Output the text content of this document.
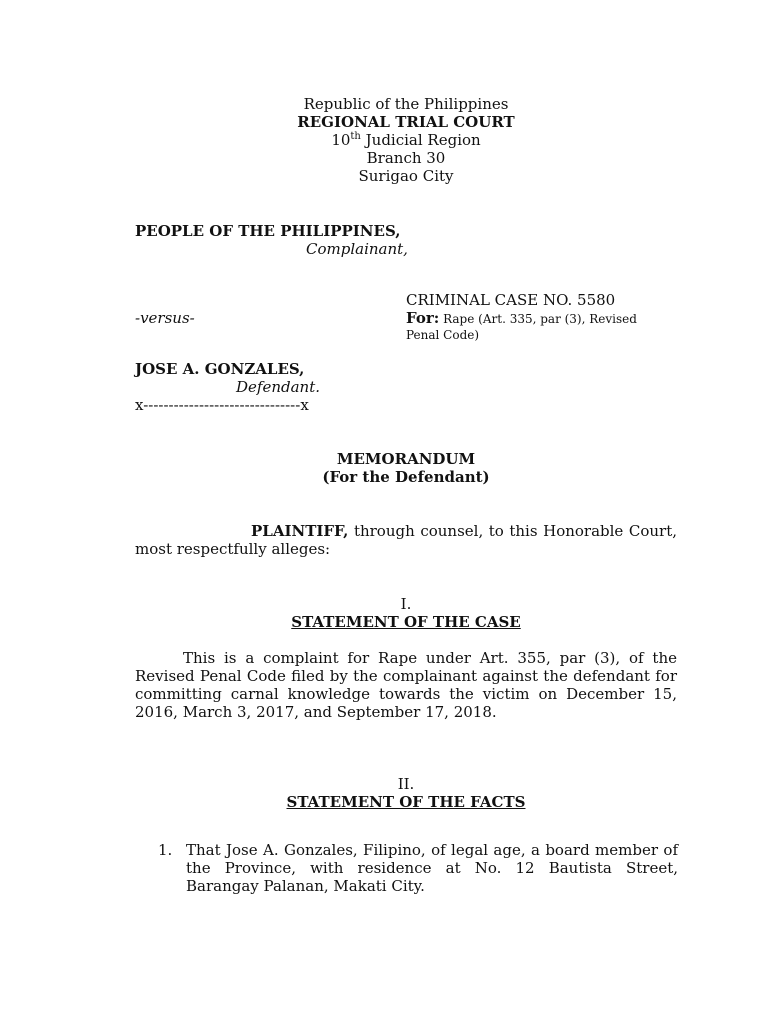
Republic of the Philippines
REGIONAL TRIAL COURT
10th Judicial Region
Branch 30
Surigao City
PEOPLE OF THE PHILIPPINES,
Complainant,
CRIMINAL CASE NO. 5580
-versus-	For: Rape (Art. 335, par (3), Revised
Penal Code)
JOSE A. GONZALES,
Defendant.
x-------------------------------x
MEMORANDUM
(For the Defendant)
PLAINTIFF, through counsel, to this Honorable Court, most respectfully alleges:
I.
STATEMENT OF THE CASE
This is a complaint for Rape under Art. 355, par (3), of the Revised Penal Code filed by the complainant against the defendant for committing carnal knowledge towards the victim on December 15, 2016, March 3, 2017, and September 17, 2018.
II.
STATEMENT OF THE FACTS
1. That Jose A. Gonzales, Filipino, of legal age, a board member of the Province, with residence at No. 12 Bautista Street, Barangay Palanan, Makati City.
